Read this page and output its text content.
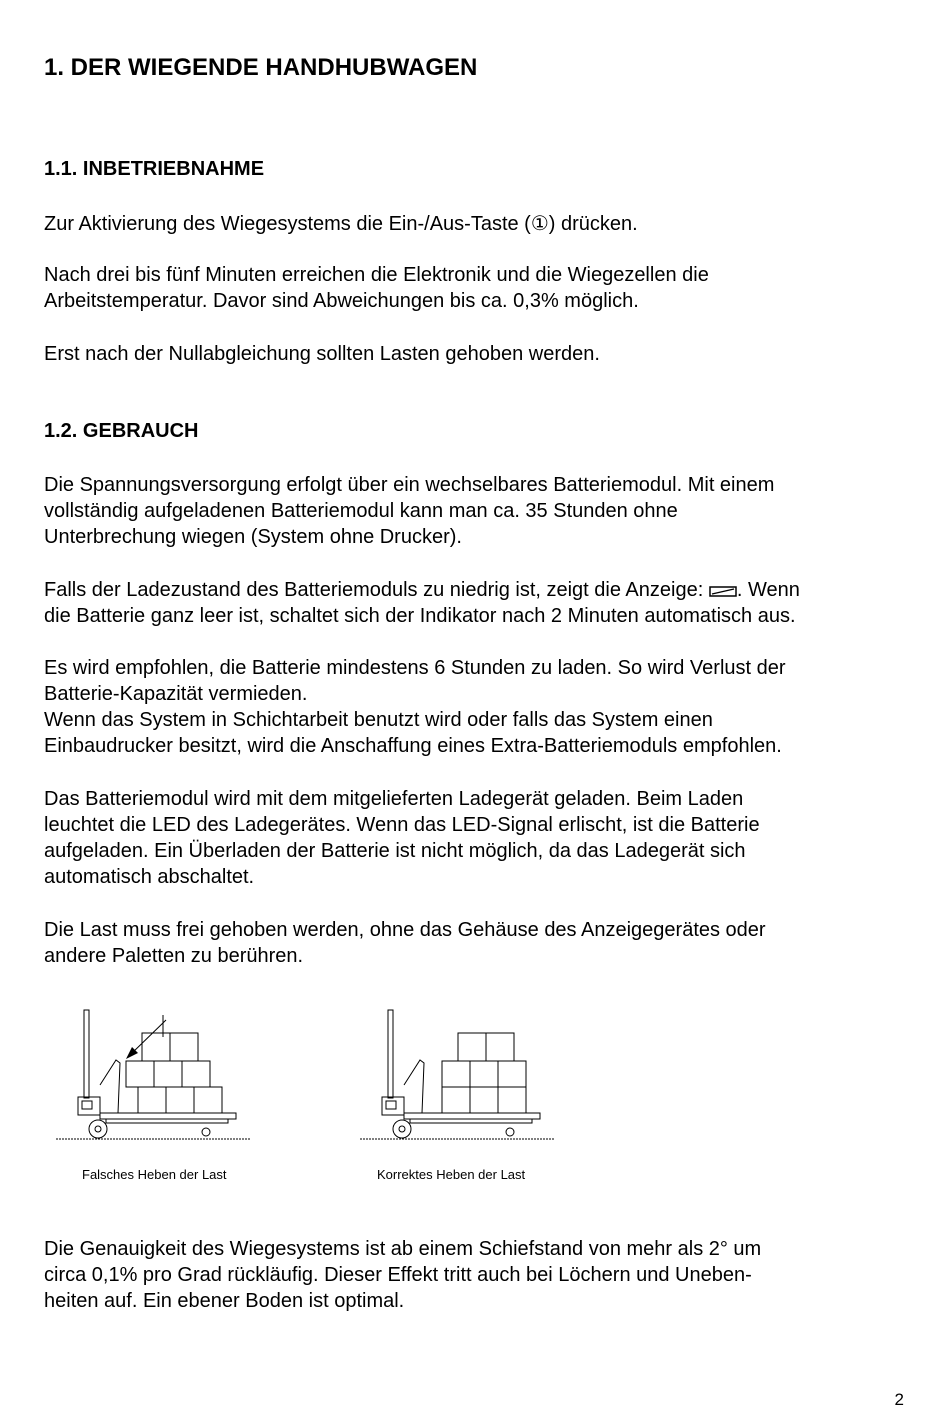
1. DER WIEGENDE HANDHUBWAGEN
1.1. INBETRIEBNAHME
Zur Aktivierung des Wiegesystems die Ein-/Aus-Taste (①) drücken.
Nach drei bis fünf Minuten erreichen die Elektronik und die Wiegezellen die
Arbeitstemperatur. Davor sind Abweichungen bis ca. 0,3% möglich.
Erst nach der Nullabgleichung sollten Lasten gehoben werden.
1.2. GEBRAUCH
Die Spannungsversorgung erfolgt über ein wechselbares Batteriemodul. Mit einem
vollständig aufgeladenen Batteriemodul kann man ca. 35 Stunden ohne
Unterbrechung wiegen (System ohne Drucker).
Falls der Ladezustand des Batteriemoduls zu niedrig ist, zeigt die Anzeige: . Wenn
die Batterie ganz leer ist, schaltet sich der Indikator nach 2 Minuten automatisch aus.
Es wird empfohlen, die Batterie mindestens 6 Stunden zu laden. So wird Verlust der
Batterie-Kapazität vermieden.
Wenn das System in Schichtarbeit benutzt wird oder falls das System einen
Einbaudrucker besitzt, wird die Anschaffung eines Extra-Batteriemoduls empfohlen.
Das Batteriemodul wird mit dem mitgelieferten Ladegerät geladen. Beim Laden
leuchtet die LED des Ladegerätes. Wenn das LED-Signal erlischt, ist die Batterie
aufgeladen. Ein Überladen der Batterie ist nicht möglich, da das Ladegerät sich
automatisch abschaltet.
Die Last muss frei gehoben werden, ohne das Gehäuse des Anzeigegerätes oder
andere Paletten zu berühren.
Falsches Heben der Last	Korrektes Heben der Last
Die Genauigkeit des Wiegesystems ist ab einem Schiefstand von mehr als 2° um
circa 0,1% pro Grad rückläufig. Dieser Effekt tritt auch bei Löchern und Uneben-
heiten auf. Ein ebener Boden ist optimal.
2
